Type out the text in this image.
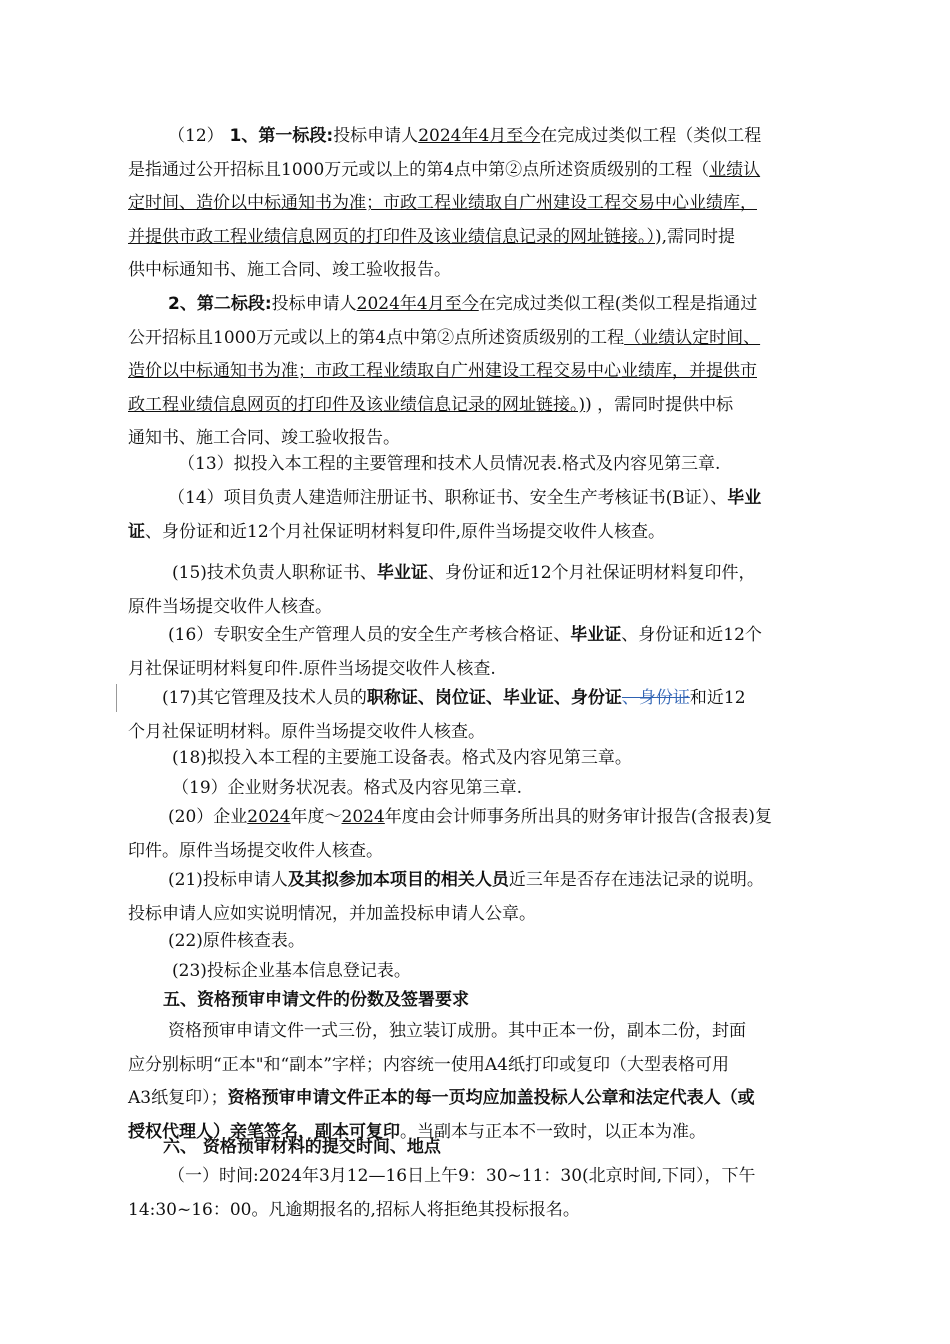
（12） 1、第一标段:投标申请人2024年4月至今在完成过类似工程（类似工程
是指通过公开招标且1000万元或以上的第4点中第②点所述资质级别的工程（业绩认
定时间、造价以中标通知书为准；市政工程业绩取自广州建设工程交易中心业绩库，
并提供市政工程业绩信息网页的打印件及该业绩信息记录的网址链接。）),需同时提
供中标通知书、施工合同、竣工验收报告。
2、第二标段:投标申请人2024年4月至今在完成过类似工程(类似工程是指通过
公开招标且1000万元或以上的第4点中第②点所述资质级别的工程（业绩认定时间、
造价以中标通知书为准；市政工程业绩取自广州建设工程交易中心业绩库，并提供市
政工程业绩信息网页的打印件及该业绩信息记录的网址链接。)) ，需同时提供中标
通知书、施工合同、竣工验收报告。
（13）拟投入本工程的主要管理和技术人员情况表.格式及内容见第三章.
（14）项目负责人建造师注册证书、职称证书、安全生产考核证书(B证）、毕业
证、身份证和近12个月社保证明材料复印件,原件当场提交收件人核查。
(15)技术负责人职称证书、毕业证、身份证和近12个月社保证明材料复印件，
原件当场提交收件人核查。
(16）专职安全生产管理人员的安全生产考核合格证、毕业证、身份证和近12个
月社保证明材料复印件.原件当场提交收件人核查.
(17)其它管理及技术人员的职称证、岗位证、毕业证、身份证、身份证和近12
个月社保证明材料。原件当场提交收件人核查。
(18)拟投入本工程的主要施工设备表。格式及内容见第三章。
（19）企业财务状况表。格式及内容见第三章.
(20）企业2024年度～2024年度由会计师事务所出具的财务审计报告(含报表)复
印件。原件当场提交收件人核查。
(21)投标申请人及其拟参加本项目的相关人员近三年是否存在违法记录的说明。
投标申请人应如实说明情况，并加盖投标申请人公章。
(22)原件核查表。
(23)投标企业基本信息登记表。
五、资格预审申请文件的份数及签署要求
资格预审申请文件一式三份，独立装订成册。其中正本一份，副本二份，封面
应分别标明“正本"和“副本”字样；内容统一使用A4纸打印或复印（大型表格可用
A3纸复印）；资格预审申请文件正本的每一页均应加盖投标人公章和法定代表人（或
授权代理人）亲笔签名，副本可复印。当副本与正本不一致时，以正本为准。
六、 资格预审材料的提交时间、地点
（一）时间:2024年3月12—16日上午9：30~11：30(北京时间,下同），下午
14:30~16：00。凡逾期报名的,招标人将拒绝其投标报名。
